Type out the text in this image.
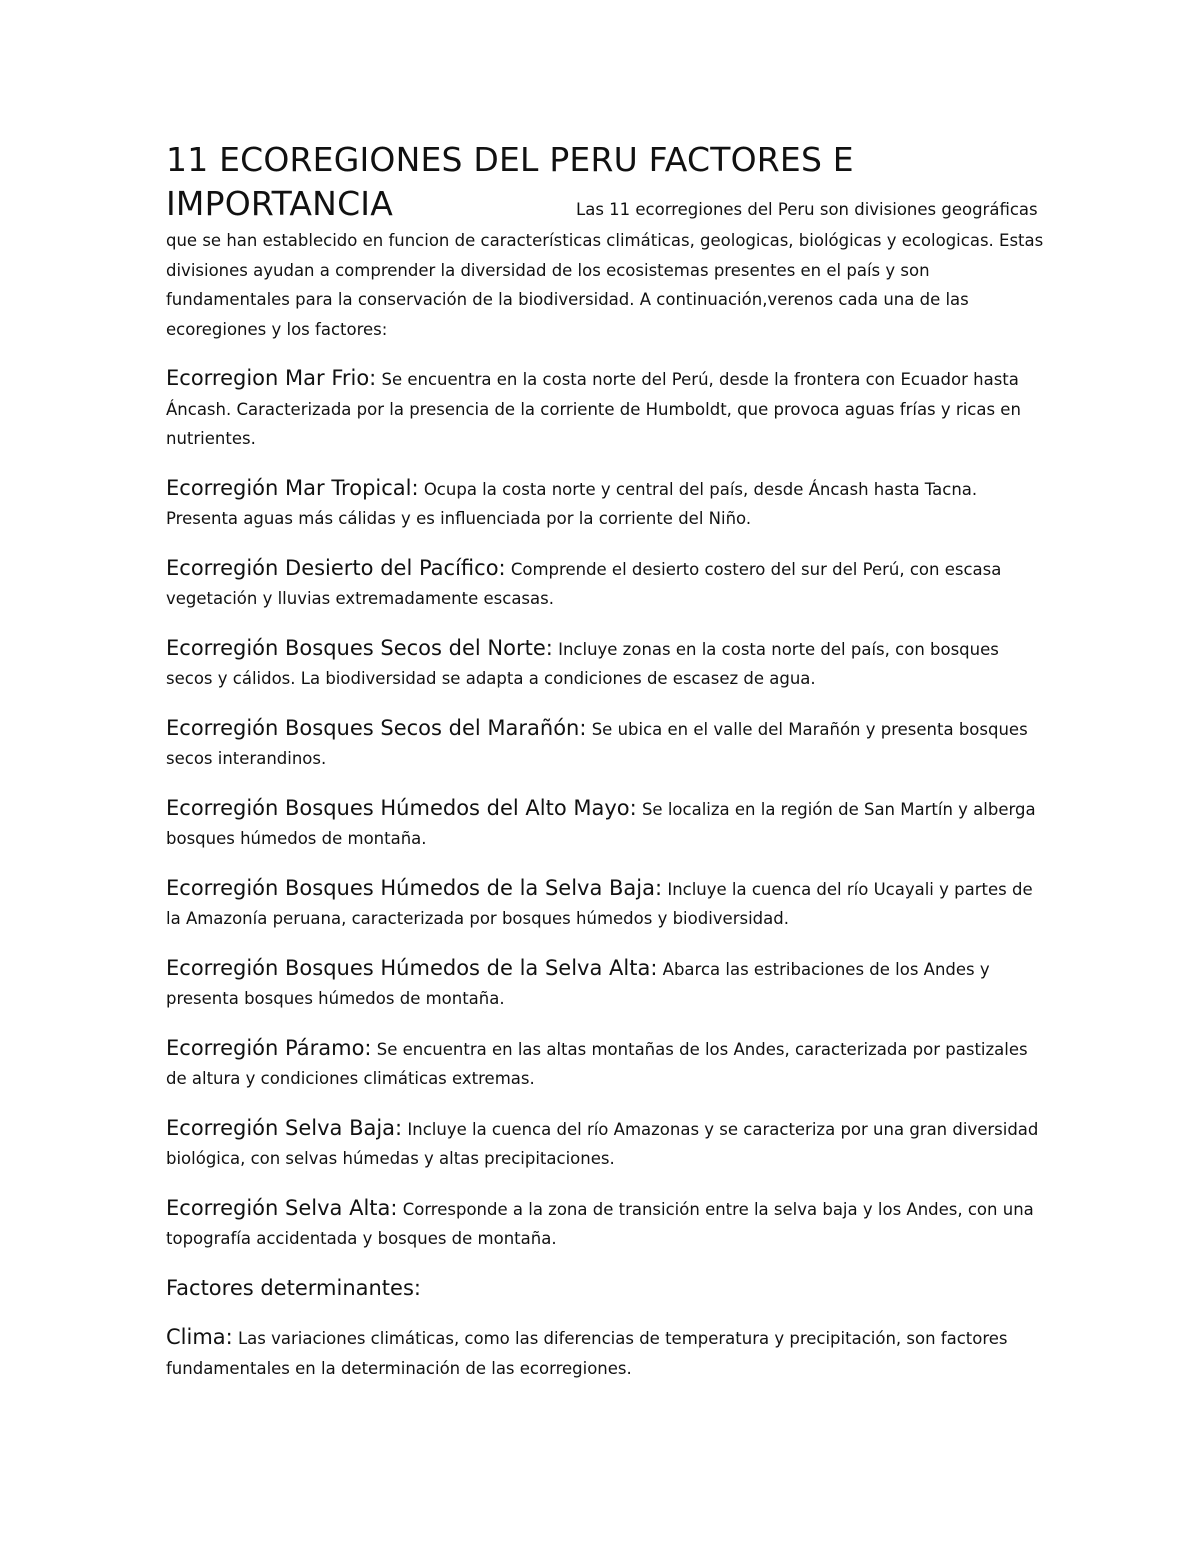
11 ECOREGIONES DEL PERU FACTORES E IMPORTANCIA	Las 11 ecorregiones del Peru son divisiones geográficas que se han establecido en funcion de características climáticas, geologicas, biológicas y ecologicas. Estas divisiones ayudan a comprender la diversidad de los ecosistemas presentes en el país y son fundamentales para la conservación de la biodiversidad. A continuación,verenos cada una de las ecoregiones y los factores:

Ecorregion Mar Frio: Se encuentra en la costa norte del Perú, desde la frontera con Ecuador hasta Áncash. Caracterizada por la presencia de la corriente de Humboldt, que provoca aguas frías y ricas en nutrientes.

Ecorregión Mar Tropical: Ocupa la costa norte y central del país, desde Áncash hasta Tacna. Presenta aguas más cálidas y es influenciada por la corriente del Niño.

Ecorregión Desierto del Pacífico: Comprende el desierto costero del sur del Perú, con escasa vegetación y lluvias extremadamente escasas.

Ecorregión Bosques Secos del Norte: Incluye zonas en la costa norte del país, con bosques secos y cálidos. La biodiversidad se adapta a condiciones de escasez de agua.

Ecorregión Bosques Secos del Marañón: Se ubica en el valle del Marañón y presenta bosques secos interandinos.

Ecorregión Bosques Húmedos del Alto Mayo: Se localiza en la región de San Martín y alberga bosques húmedos de montaña.

Ecorregión Bosques Húmedos de la Selva Baja: Incluye la cuenca del río Ucayali y partes de la Amazonía peruana, caracterizada por bosques húmedos y biodiversidad.

Ecorregión Bosques Húmedos de la Selva Alta: Abarca las estribaciones de los Andes y presenta bosques húmedos de montaña.

Ecorregión Páramo: Se encuentra en las altas montañas de los Andes, caracterizada por pastizales de altura y condiciones climáticas extremas.

Ecorregión Selva Baja: Incluye la cuenca del río Amazonas y se caracteriza por una gran diversidad biológica, con selvas húmedas y altas precipitaciones.

Ecorregión Selva Alta: Corresponde a la zona de transición entre la selva baja y los Andes, con una topografía accidentada y bosques de montaña.

Factores determinantes:

Clima: Las variaciones climáticas, como las diferencias de temperatura y precipitación, son factores fundamentales en la determinación de las ecorregiones.
